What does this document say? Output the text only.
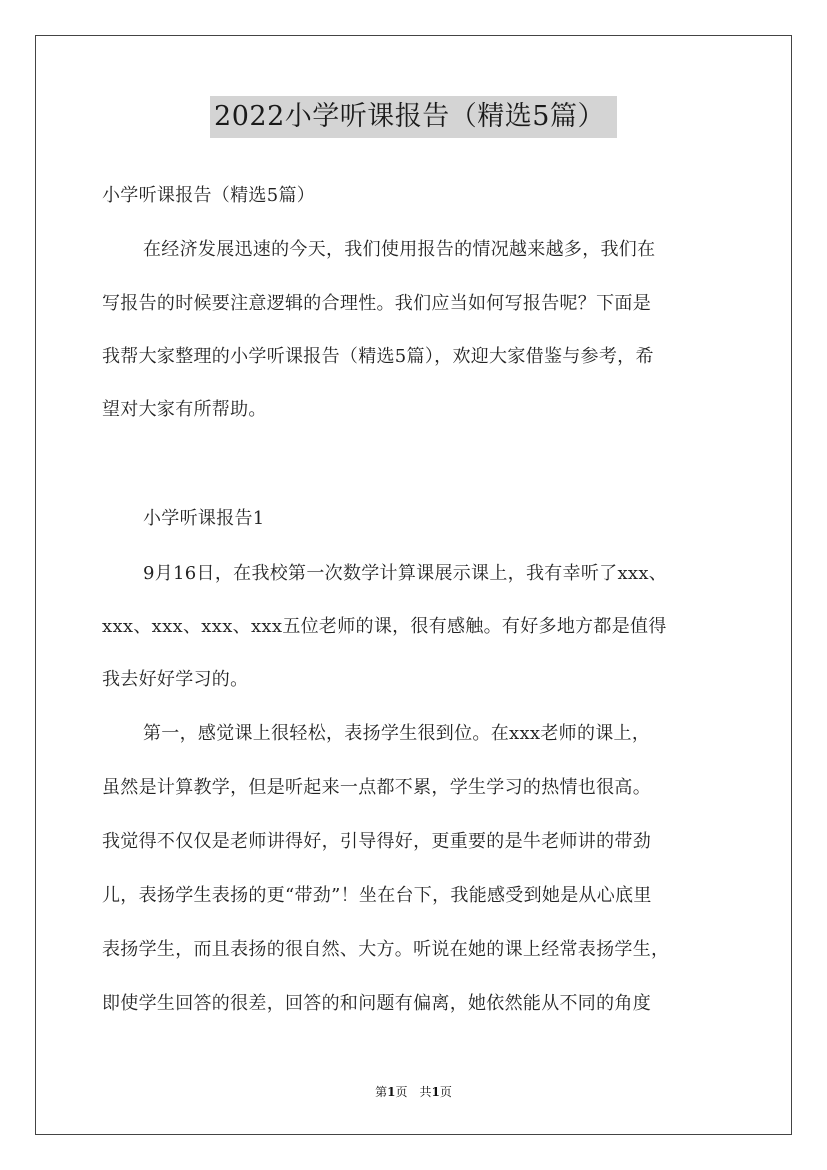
2022小学听课报告（精选5篇）
小学听课报告（精选5篇）
在经济发展迅速的今天，我们使用报告的情况越来越多，我们在
写报告的时候要注意逻辑的合理性。我们应当如何写报告呢？下面是
我帮大家整理的小学听课报告（精选5篇），欢迎大家借鉴与参考，希
望对大家有所帮助。
小学听课报告1
9月16日，在我校第一次数学计算课展示课上，我有幸听了xxx、
xxx、xxx、xxx、xxx五位老师的课，很有感触。有好多地方都是值得
我去好好学习的。
第一，感觉课上很轻松，表扬学生很到位。在xxx老师的课上，
虽然是计算教学，但是听起来一点都不累，学生学习的热情也很高。
我觉得不仅仅是老师讲得好，引导得好，更重要的是牛老师讲的带劲
儿，表扬学生表扬的更“带劲”！坐在台下，我能感受到她是从心底里
表扬学生，而且表扬的很自然、大方。听说在她的课上经常表扬学生，
即使学生回答的很差，回答的和问题有偏离，她依然能从不同的角度
第1页　共1页
